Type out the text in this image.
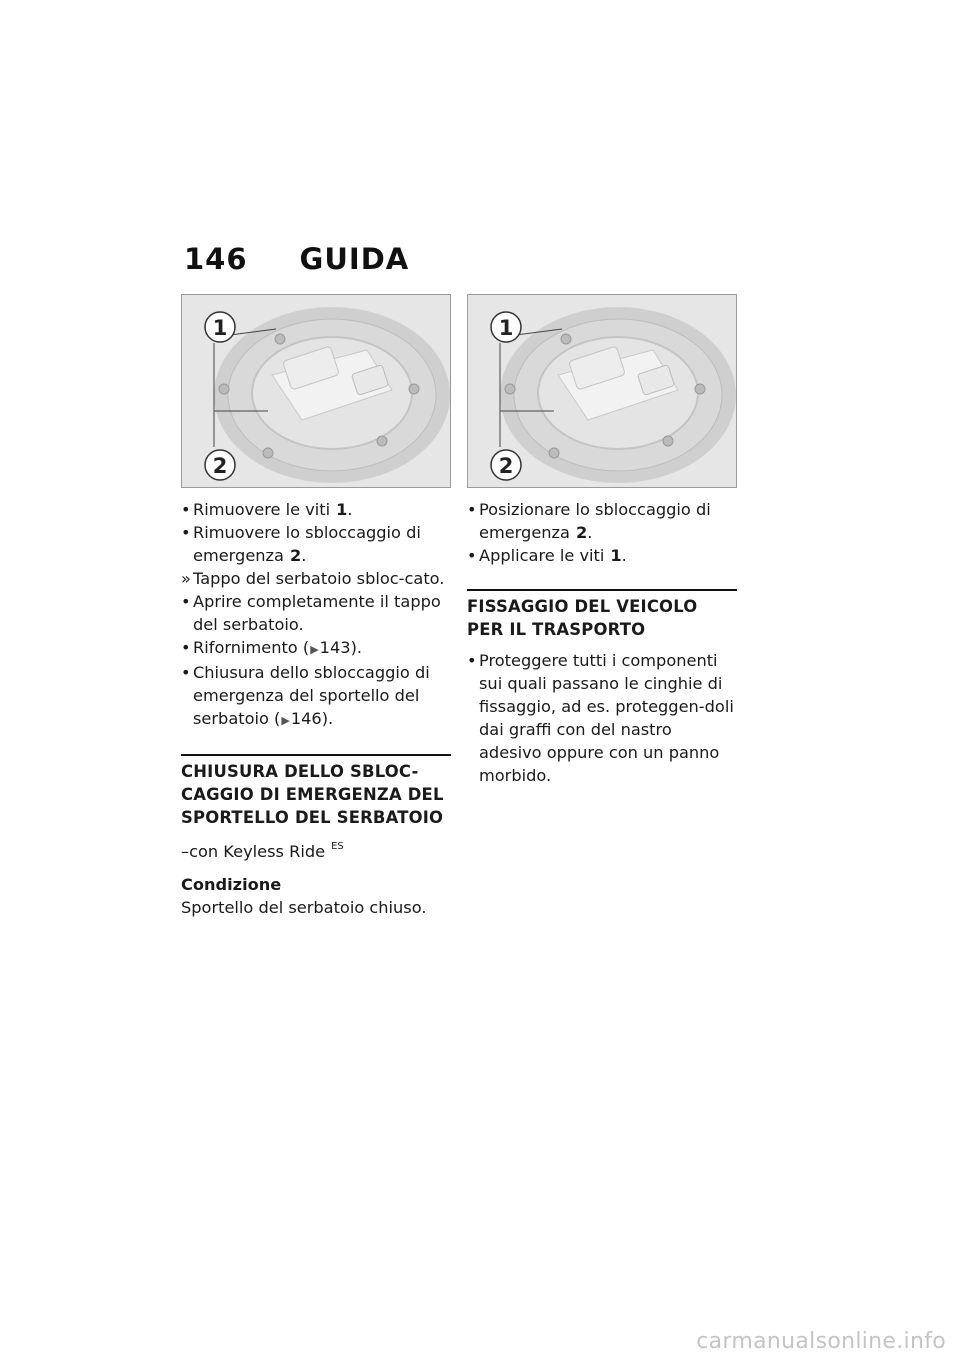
146 GUIDA
1
2
• Rimuovere le viti 1.
• Rimuovere lo sbloccaggio di emergenza 2.
» Tappo del serbatoio sbloc-cato.
• Aprire completamente il tappo del serbatoio.
• Rifornimento (▶ 143).
• Chiusura dello sbloccaggio di emergenza del sportello del serbatoio (▶ 146).
CHIUSURA DELLO SBLOC-CAGGIO DI EMERGENZA DEL SPORTELLO DEL SERBATOIO
–con Keyless Ride $^{ES}$
Condizione
Sportello del serbatoio chiuso.
1
2
• Posizionare lo sbloccaggio di emergenza 2.
• Applicare le viti 1.
FISSAGGIO DEL VEICOLO PER IL TRASPORTO
• Proteggere tutti i componenti sui quali passano le cinghie di fissaggio, ad es. proteggen-doli dai graffi con del nastro adesivo oppure con un panno morbido.
carmanualsonline.info
